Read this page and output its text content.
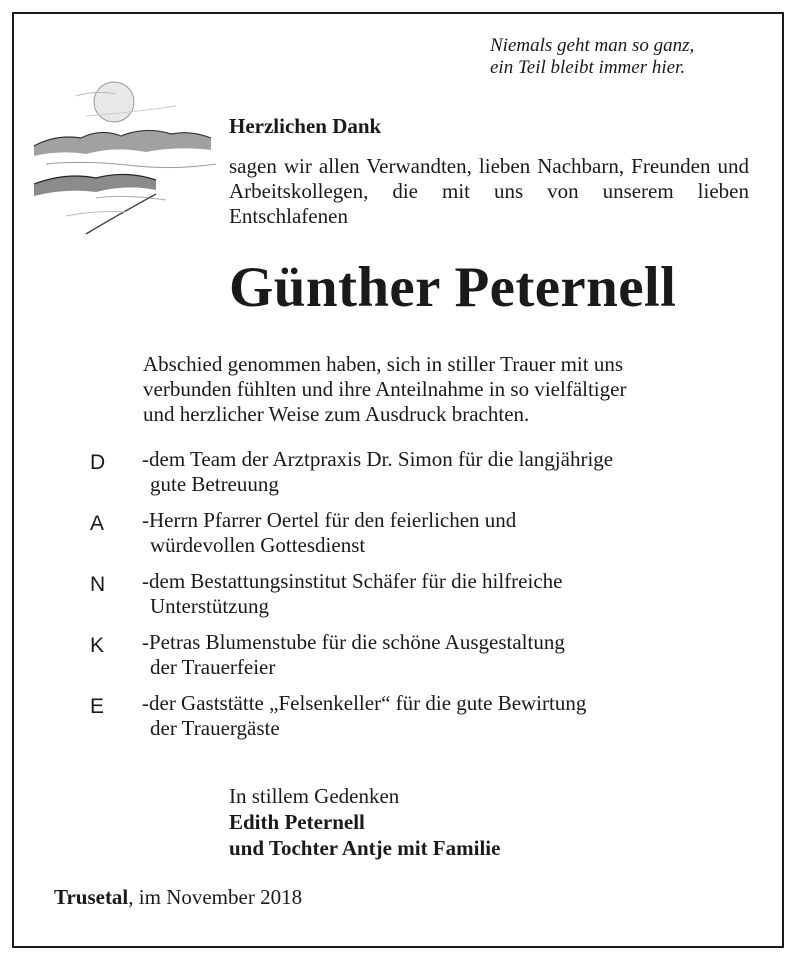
Niemals geht man so ganz,
ein Teil bleibt immer hier.
Herzlichen Dank
sagen wir allen Verwandten, lieben Nachbarn, Freunden und Arbeitskollegen, die mit uns von unserem lieben Entschlafenen
Günther Peternell
Abschied genommen haben, sich in stiller Trauer mit uns
verbunden fühlten und ihre Anteilnahme in so vielfältiger
und herzlicher Weise zum Ausdruck brachten.
D -dem Team der Arztpraxis Dr. Simon für die langjährige
gute Betreuung
A -Herrn Pfarrer Oertel für den feierlichen und
würdevollen Gottesdienst
N -dem Bestattungsinstitut Schäfer für die hilfreiche
Unterstützung
K -Petras Blumenstube für die schöne Ausgestaltung
der Trauerfeier
E -der Gaststätte „Felsenkeller“ für die gute Bewirtung
der Trauergäste
In stillem Gedenken
Edith Peternell
und Tochter Antje mit Familie
Trusetal, im November 2018
